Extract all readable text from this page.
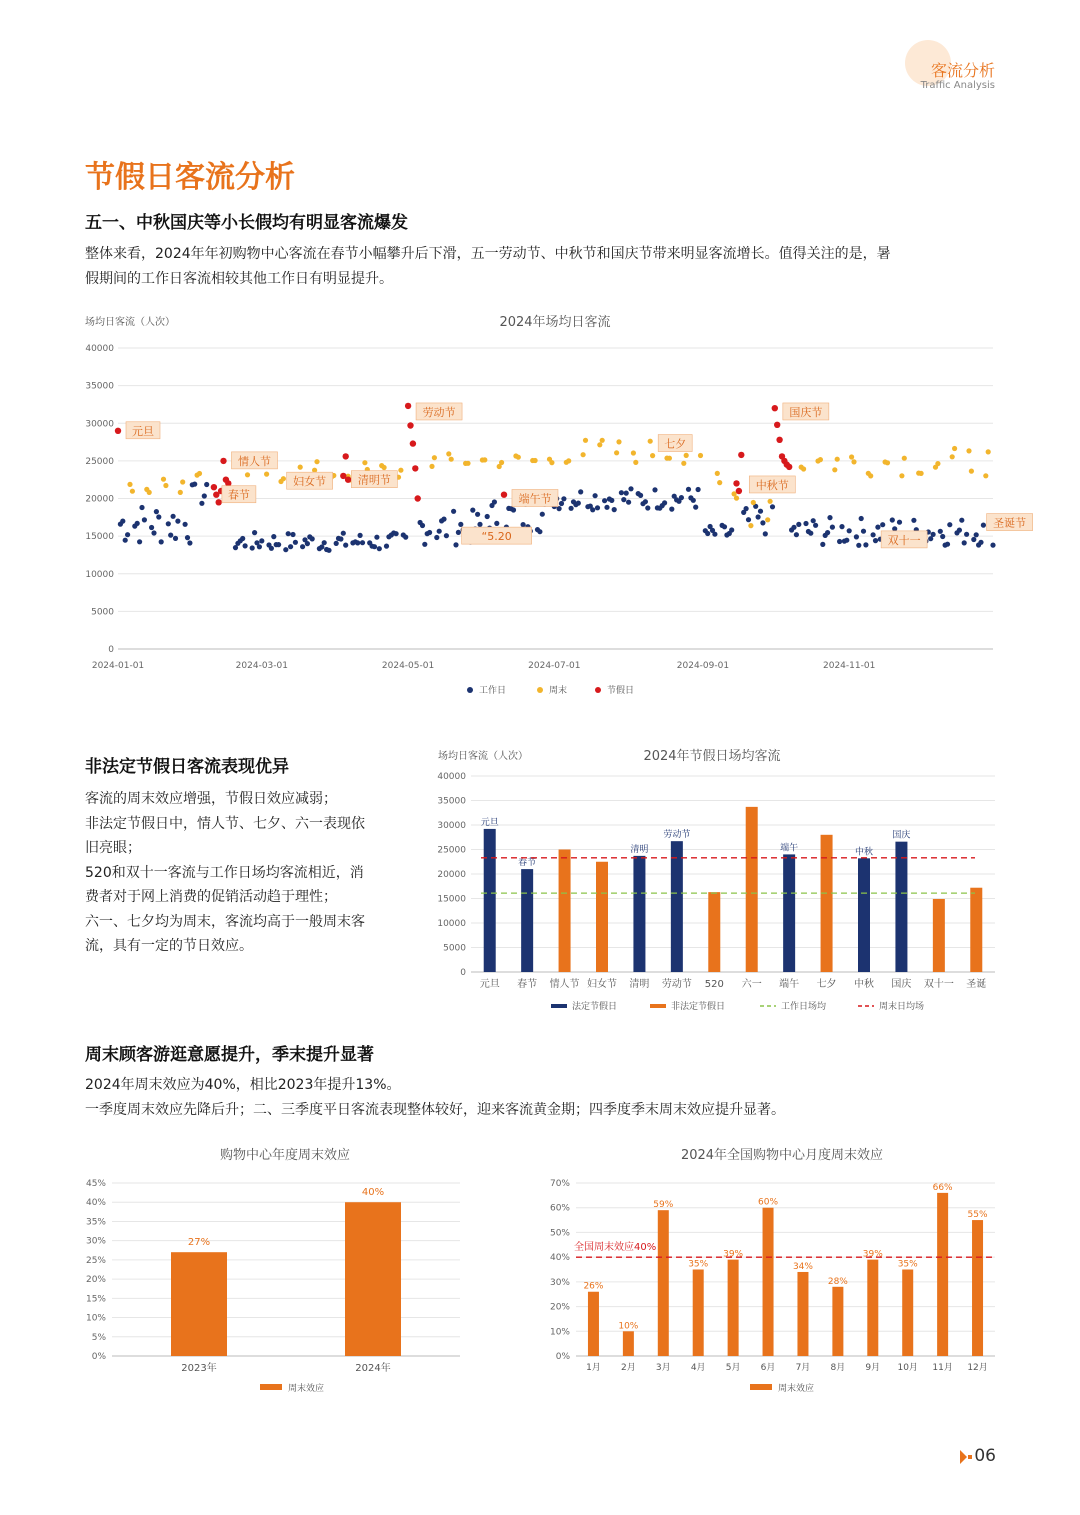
客流分析
Traffic Analysis
节假日客流分析
五一、中秋国庆等小长假均有明显客流爆发
整体来看，2024年年初购物中心客流在春节小幅攀升后下滑，五一劳动节、中秋节和国庆节带来明显客流增长。值得关注的是，暑
假期间的工作日客流相较其他工作日有明显提升。
场均日客流（人次）	2024年场均日客流
0
5000
10000
15000
20000
25000
30000
35000
40000
2024-01-01	2024-03-01	2024-05-01	2024-07-01	2024-09-01	2024-11-01
元旦
情人节
春节
妇女节	清明节
劳动节
“5.20
端午节
七夕
中秋节
国庆节
双十一
圣诞节
工作日	周末	节假日
非法定节假日客流表现优异
客流的周末效应增强，节假日效应减弱；
非法定节假日中，情人节、七夕、六一表现依
旧亮眼；
520和双十一客流与工作日场均客流相近，消
费者对于网上消费的促销活动趋于理性；
六一、七夕均为周末，客流均高于一般周末客
流，具有一定的节日效应。
场均日客流（人次）	2024年节假日场均客流
0
5000
10000
15000
20000
25000
30000
35000
40000
元旦
元旦
春节
春节
情人节 妇女节 清明
清明
劳动节
劳动节
520 六一 端午
端午
七夕 中秋
中秋
国庆
国庆
双十一 圣诞
法定节假日	非法定节假日	工作日场均	周末日均场
周末顾客游逛意愿提升，季末提升显著
2024年周末效应为40%，相比2023年提升13%。
一季度周末效应先降后升；二、三季度平日客流表现整体较好，迎来客流黄金期；四季度季末周末效应提升显著。
购物中心年度周末效应	2024年全国购物中心月度周末效应
0%
5%
10%
15%
20%
25%
30%
35%
40%
45%
27%
2023年
40%
2024年
周末效应
0%
10%
20%
30%
40%
50%
60%
70%
26%
1月
10%
2月
59%
3月
35%
4月
39%
5月
60%
6月
34%
7月
28%
8月
39%
9月
35%
10月
66%
11月
55%
12月
全国周末效应40%
周末效应
06
